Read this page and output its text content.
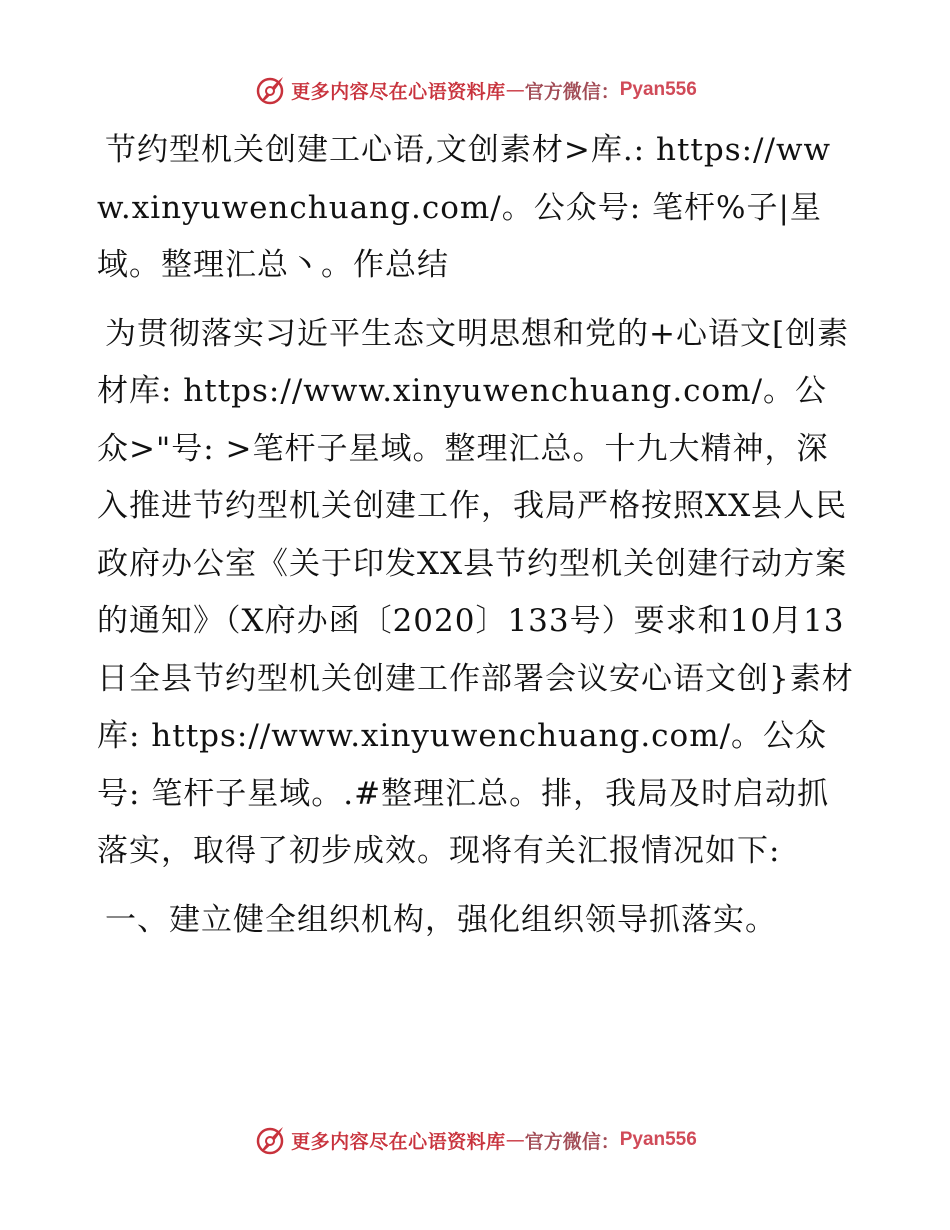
更多内容尽在心语资料库 — 官方微信： Pyan556

节约型机关创建工心语,文创素材>库.: https://www.xinyuwenchuang.com/。公众号: 笔杆%子|星域。整理汇总丶。作总结

为贯彻落实习近平生态文明思想和党的+心语文[创素材库: https://www.xinyuwenchuang.com/。公众>"号: >笔杆子星域。整理汇总。十九大精神，深入推进节约型机关创建工作，我局严格按照XX县人民政府办公室《关于印发XX县节约型机关创建行动方案的通知》（X府办函〔2020〕133号）要求和10月13日全县节约型机关创建工作部署会议安心语文创}素材库: https://www.xinyuwenchuang.com/。公众号: 笔杆子星域。.#整理汇总。排，我局及时启动抓落实，取得了初步成效。现将有关汇报情况如下:

一、建立健全组织机构，强化组织领导抓落实。

更多内容尽在心语资料库 — 官方微信： Pyan556
